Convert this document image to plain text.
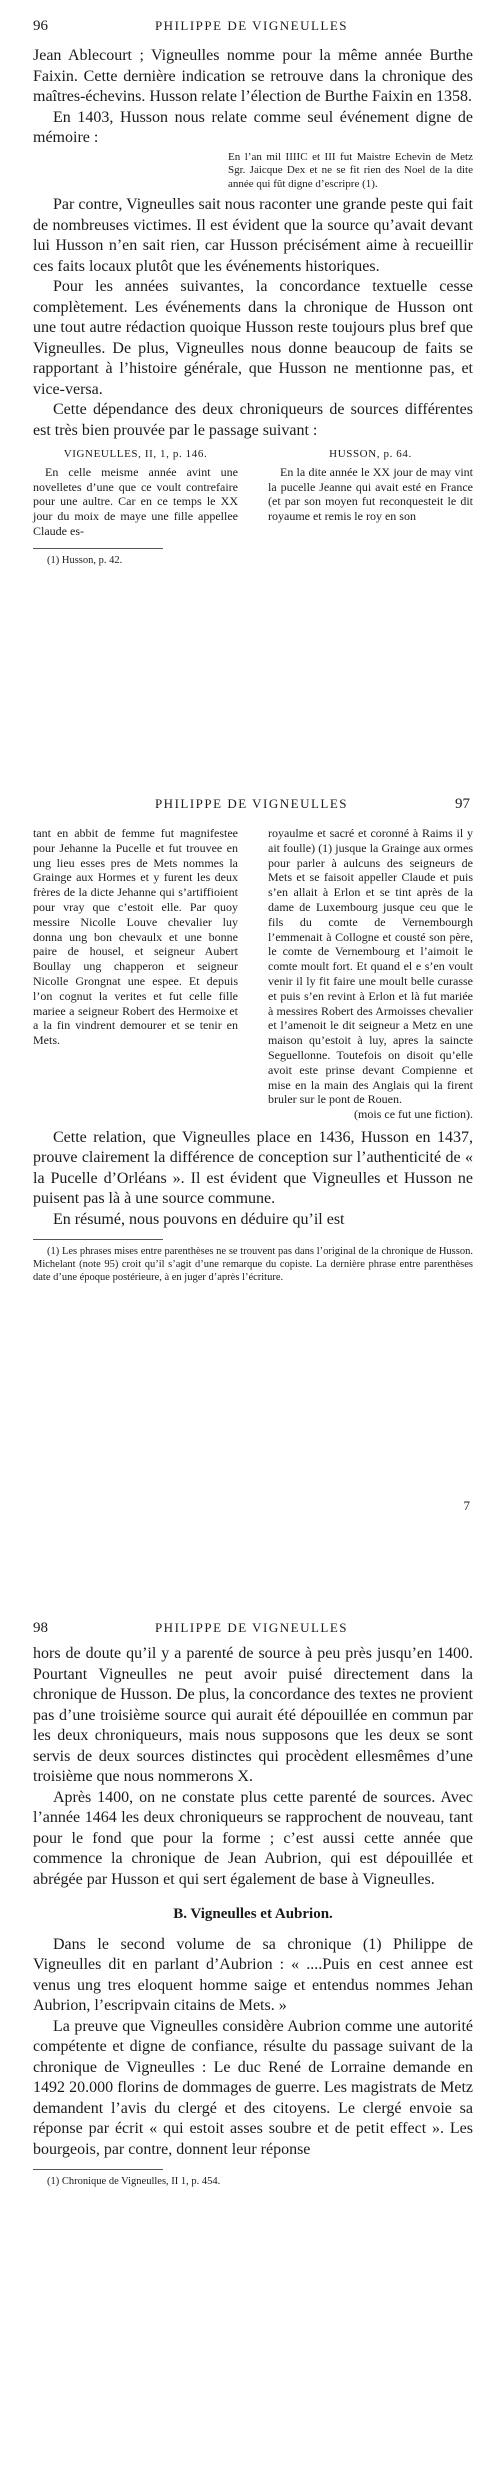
96	PHILIPPE DE VIGNEULLES

Jean Ablecourt ; Vigneulles nomme pour la même année Burthe Faixin. Cette dernière indication se retrouve dans la chronique des maîtres-échevins. Husson relate l’élection de Burthe Faixin en 1358.

En 1403, Husson nous relate comme seul événement digne de mémoire :

En l’an mil IIIIC et III fut Maistre Echevin de Metz Sgr. Jaicque Dex et ne se fit rien des Noel de la dite année qui fût digne d’escripre (1).

Par contre, Vigneulles sait nous raconter une grande peste qui fait de nombreuses victimes. Il est évident que la source qu’avait devant lui Husson n’en sait rien, car Husson précisément aime à recueillir ces faits locaux plutôt que les événements historiques.

Pour les années suivantes, la concordance textuelle cesse complètement. Les événements dans la chronique de Husson ont une tout autre rédaction quoique Husson reste toujours plus bref que Vigneulles. De plus, Vigneulles nous donne beaucoup de faits se rapportant à l’histoire générale, que Husson ne mentionne pas, et vice-versa.

Cette dépendance des deux chroniqueurs de sources différentes est très bien prouvée par le passage suivant :

VIGNEULLES, II, 1, p. 146.

En celle meisme année avint une novelletes d’une que ce voult contrefaire pour une aultre. Car en ce temps le XX jour du moix de maye une fille appellee Claude es-

HUSSON, p. 64.

En la dite année le XX jour de may vint la pucelle Jeanne qui avait esté en France (et par son moyen fut reconquesteit le dit royaume et remis le roy en son

(1) Husson, p. 42.
PHILIPPE DE VIGNEULLES	97

tant en abbit de femme fut magnifestee pour Jehanne la Pucelle et fut trouvee en ung lieu esses pres de Mets nommes la Grainge aux Hormes et y furent les deux frères de la dicte Jehanne qui s’artiffioient pour vray que c’estoit elle. Par quoy messire Nicolle Louve chevalier luy donna ung bon chevaulx et une bonne paire de housel, et seigneur Aubert Boullay ung chapperon et seigneur Nicolle Grongnat une espee. Et depuis l’on cognut la verites et fut celle fille mariee a seigneur Robert des Hermoixe et a la fin vindrent demourer et se tenir en Mets.

royaulme et sacré et coronné à Raims il y ait foulle) (1) jusque la Grainge aux ormes pour parler à aulcuns des seigneurs de Mets et se faisoit appeller Claude et puis s’en allait à Erlon et se tint après de la dame de Luxembourg jusque ceu que le fils du comte de Vernembourgh l’emmenait à Collogne et cousté son père, le comte de Vernembourg et l’aimoit le comte moult fort. Et quand el e s’en voult venir il ly fit faire une moult belle curasse et puis s’en revint à Erlon et là fut mariée à messires Robert des Armoisses chevalier et l’amenoit le dit seigneur a Metz en une maison qu’estoit à luy, apres la saincte Seguellonne. Toutefois on disoit qu’elle avoit este prinse devant Compienne et mise en la main des Anglais qui la firent bruler sur le pont de Rouen.

(mois ce fut une fiction).

Cette relation, que Vigneulles place en 1436, Husson en 1437, prouve clairement la différence de conception sur l’authenticité de « la Pucelle d’Orléans ». Il est évident que Vigneulles et Husson ne puisent pas là à une source commune.

En résumé, nous pouvons en déduire qu’il est

(1) Les phrases mises entre parenthèses ne se trouvent pas dans l’original de la chronique de Husson. Michelant (note 95) croit qu’il s’agit d’une remarque du copiste. La dernière phrase entre parenthèses date d’une époque postérieure, à en juger d’après l’écriture.
7
98	PHILIPPE DE VIGNEULLES

hors de doute qu’il y a parenté de source à peu près jusqu’en 1400. Pourtant Vigneulles ne peut avoir puisé directement dans la chronique de Husson. De plus, la concordance des textes ne provient pas d’une troisième source qui aurait été dépouillée en commun par les deux chroniqueurs, mais nous supposons que les deux se sont servis de deux sources distinctes qui procèdent ellesmêmes d’une troisième que nous nommerons X.

Après 1400, on ne constate plus cette parenté de sources. Avec l’année 1464 les deux chroniqueurs se rapprochent de nouveau, tant pour le fond que pour la forme ; c’est aussi cette année que commence la chronique de Jean Aubrion, qui est dépouillée et abrégée par Husson et qui sert également de base à Vigneulles.

B. Vigneulles et Aubrion.

Dans le second volume de sa chronique (1) Philippe de Vigneulles dit en parlant d’Aubrion : « ....Puis en cest annee est venus ung tres eloquent homme saige et entendus nommes Jehan Aubrion, l’escripvain citains de Mets. »

La preuve que Vigneulles considère Aubrion comme une autorité compétente et digne de confiance, résulte du passage suivant de la chronique de Vigneulles : Le duc René de Lorraine demande en 1492 20.000 florins de dommages de guerre. Les magistrats de Metz demandent l’avis du clergé et des citoyens. Le clergé envoie sa réponse par écrit « qui estoit asses soubre et de petit effect ». Les bourgeois, par contre, donnent leur réponse

(1) Chronique de Vigneulles, II 1, p. 454.
